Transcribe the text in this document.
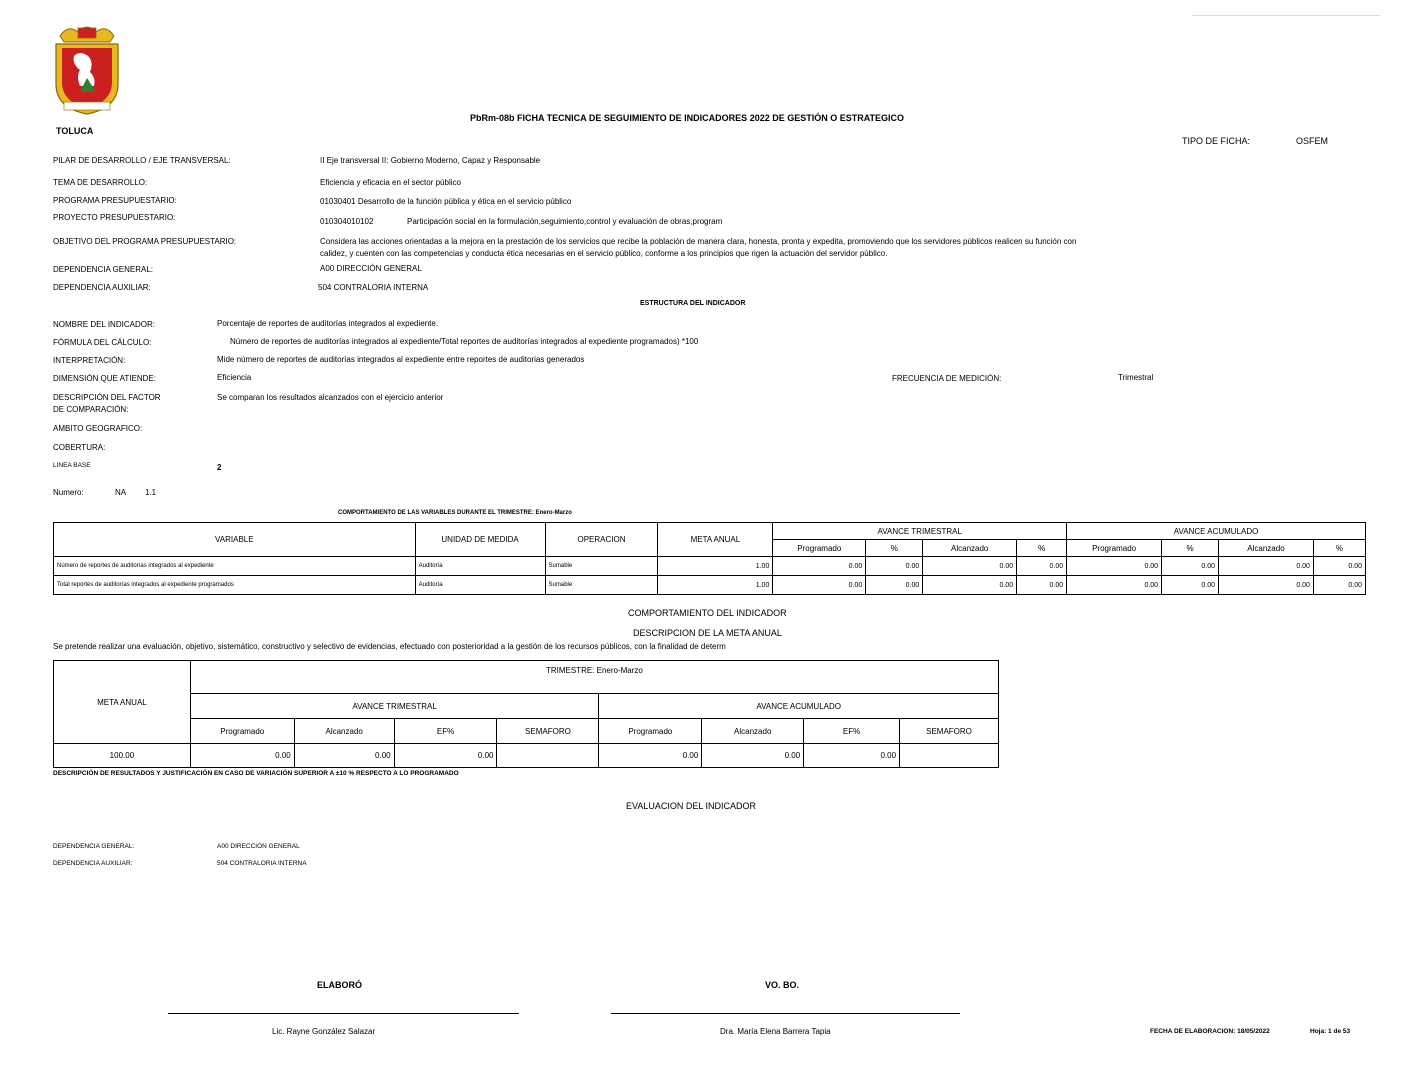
TOLUCA
PbRm-08b FICHA TECNICA DE SEGUIMIENTO DE INDICADORES 2022 DE GESTIÓN O ESTRATEGICO
TIPO DE FICHA:	OSFEM
PILAR DE DESARROLLO / EJE TRANSVERSAL:	II Eje transversal II: Gobierno Moderno, Capaz y Responsable
TEMA DE DESARROLLO:	Eficiencia y eficacia en el sector público
PROGRAMA PRESUPUESTARIO:	01030401 Desarrollo de la función pública y ética en el servicio público
PROYECTO PRESUPUESTARIO:	010304010102	Participación social en la formulación,seguimiento,control y evaluación de obras,program
OBJETIVO DEL PROGRAMA PRESUPUESTARIO:	Considera las acciones orientadas a la mejora en la prestación de los servicios que recibe la población de manera clara, honesta, pronta y expedita, promoviendo que los servidores públicos realicen su función con
calidez, y cuenten con las competencias y conducta ética necesarias en el servicio público, conforme a los principios que rigen la actuación del servidor público.
DEPENDENCIA GENERAL:	A00 DIRECCIÓN GENERAL
DEPENDENCIA AUXILIAR:	504 CONTRALORIA INTERNA
ESTRUCTURA DEL INDICADOR
NOMBRE DEL INDICADOR:	Porcentaje de reportes de auditorías integrados al expediente.
FÓRMULA DEL CÁLCULO:	Número de reportes de auditorías integrados al expediente/Total reportes de auditorías integrados al expediente programados) *100
INTERPRETACIÓN:	Mide número de reportes de auditorías integrados al expediente entre reportes de auditorias generados
DIMENSIÓN QUE ATIENDE:	Eficiencia	FRECUENCIA DE MEDICIÓN:	Trimestral
DESCRIPCIÓN DEL FACTOR
DE COMPARACIÓN:
Se comparan los resultados alcanzados con el ejercicio anterior
AMBITO GEOGRAFICO:
COBERTURA:
LINEA BASE	2
Numero:	NA 1.1
COMPORTAMIENTO DE LAS VARIABLES DURANTE EL TRIMESTRE: Enero-Marzo
VARIABLE	UNIDAD DE MEDIDA	OPERACION	META ANUAL	AVANCE TRIMESTRAL				AVANCE ACUMULADO			
				Programado	%	Alcanzado	%	Programado	%	Alcanzado	%
Número de reportes de auditorías integrados al expediente	Auditoría	Sumable	1.00	0.00	0.00	0.00	0.00	0.00	0.00	0.00	0.00
Total reportes de auditorías integrados al expediente programados	Auditoría	Sumable	1.00	0.00	0.00	0.00	0.00	0.00	0.00	0.00	0.00
COMPORTAMIENTO DEL INDICADOR
DESCRIPCION DE LA META ANUAL
Se pretende realizar una evaluación, objetivo, sistemático, constructivo y selectivo de evidencias, efectuado con posterioridad a la gestión de los recursos públicos, con la finalidad de determ
META ANUAL	TRIMESTRE: Enero-Marzo							
	AVANCE TRIMESTRAL				AVANCE ACUMULADO			
	Programado	Alcanzado	EF%	SEMAFORO	Programado	Alcanzado	EF%	SEMAFORO
100.00	0.00	0.00	0.00		0.00	0.00	0.00	
DESCRIPCIÓN DE RESULTADOS Y JUSTIFICACIÓN EN CASO DE VARIACIÓN SUPERIOR A ±10 % RESPECTO A LO PROGRAMADO
EVALUACION DEL INDICADOR
DEPENDENCIA GENERAL:	A00 DIRECCIÓN GENERAL
DEPENDENCIA AUXILIAR:	504 CONTRALORIA INTERNA
ELABORÓ
Lic. Rayne González Salazar
VO. BO.
Dra. María Elena Barrera Tapia	FECHA DE ELABORACION: 18/05/2022	Hoja: 1 de 53
